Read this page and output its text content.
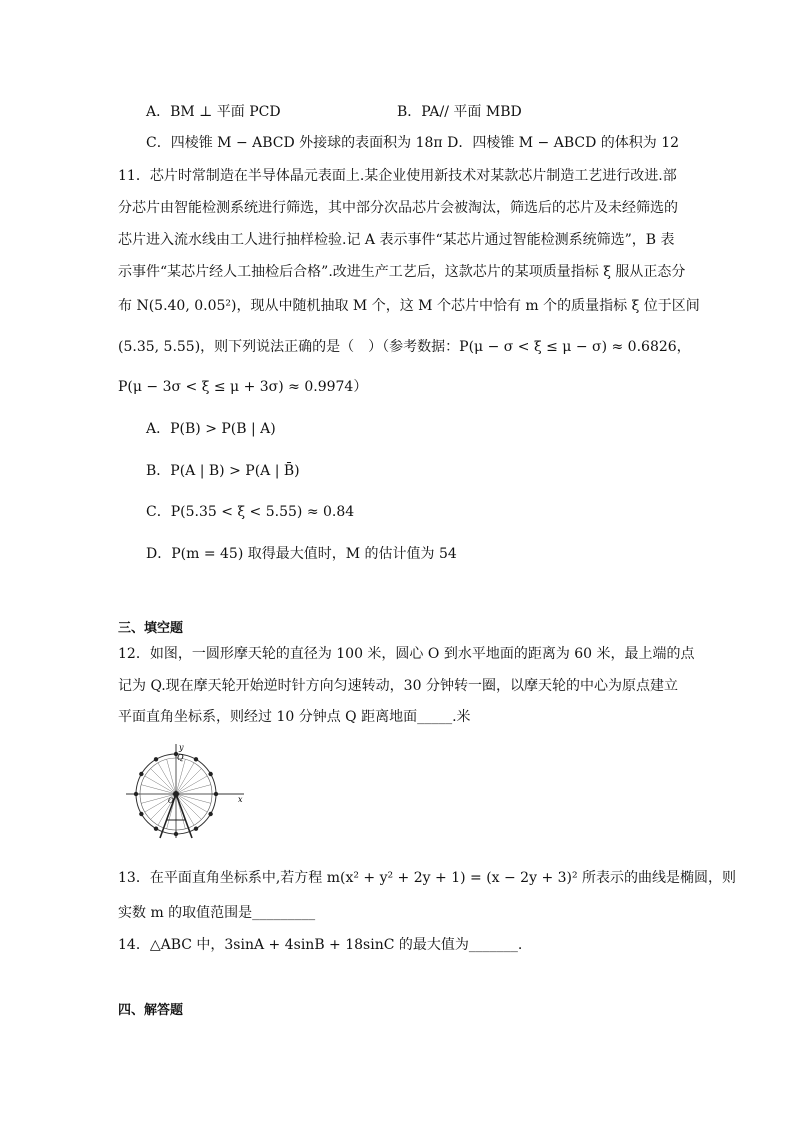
A．BM ⊥ 平面 PCD	B．PA// 平面 MBD
C．四棱锥 M − ABCD 外接球的表面积为 18π D．四棱锥 M − ABCD 的体积为 12
11．芯片时常制造在半导体晶元表面上.某企业使用新技术对某款芯片制造工艺进行改进.部
分芯片由智能检测系统进行筛选，其中部分次品芯片会被淘汰，筛选后的芯片及未经筛选的
芯片进入流水线由工人进行抽样检验.记 A 表示事件“某芯片通过智能检测系统筛选”，B 表
示事件“某芯片经人工抽检后合格”.改进生产工艺后，这款芯片的某项质量指标 ξ 服从正态分
布 N(5.40, 0.05²)，现从中随机抽取 M 个，这 M 个芯片中恰有 m 个的质量指标 ξ 位于区间
(5.35, 5.55)，则下列说法正确的是（　）（参考数据：P(μ − σ < ξ ≤ μ − σ) ≈ 0.6826，
P(μ − 3σ < ξ ≤ μ + 3σ) ≈ 0.9974）
A．P(B) > P(B | A)
B．P(A | B) > P(A | B̄)
C．P(5.35 < ξ < 5.55) ≈ 0.84
D．P(m = 45) 取得最大值时，M 的估计值为 54
三、填空题
12．如图，一圆形摩天轮的直径为 100 米，圆心 O 到水平地面的距离为 60 米，最上端的点
记为 Q.现在摩天轮开始逆时针方向匀速转动，30 分钟转一圈，以摩天轮的中心为原点建立
平面直角坐标系，则经过 10 分钟点 Q 距离地面_____.米
y
Q
x
O
13．在平面直角坐标系中,若方程 m(x² + y² + 2y + 1) = (x − 2y + 3)² 所表示的曲线是椭圆，则
实数 m 的取值范围是_________
14．△ABC 中，3sinA + 4sinB + 18sinC 的最大值为_______.
四、解答题
